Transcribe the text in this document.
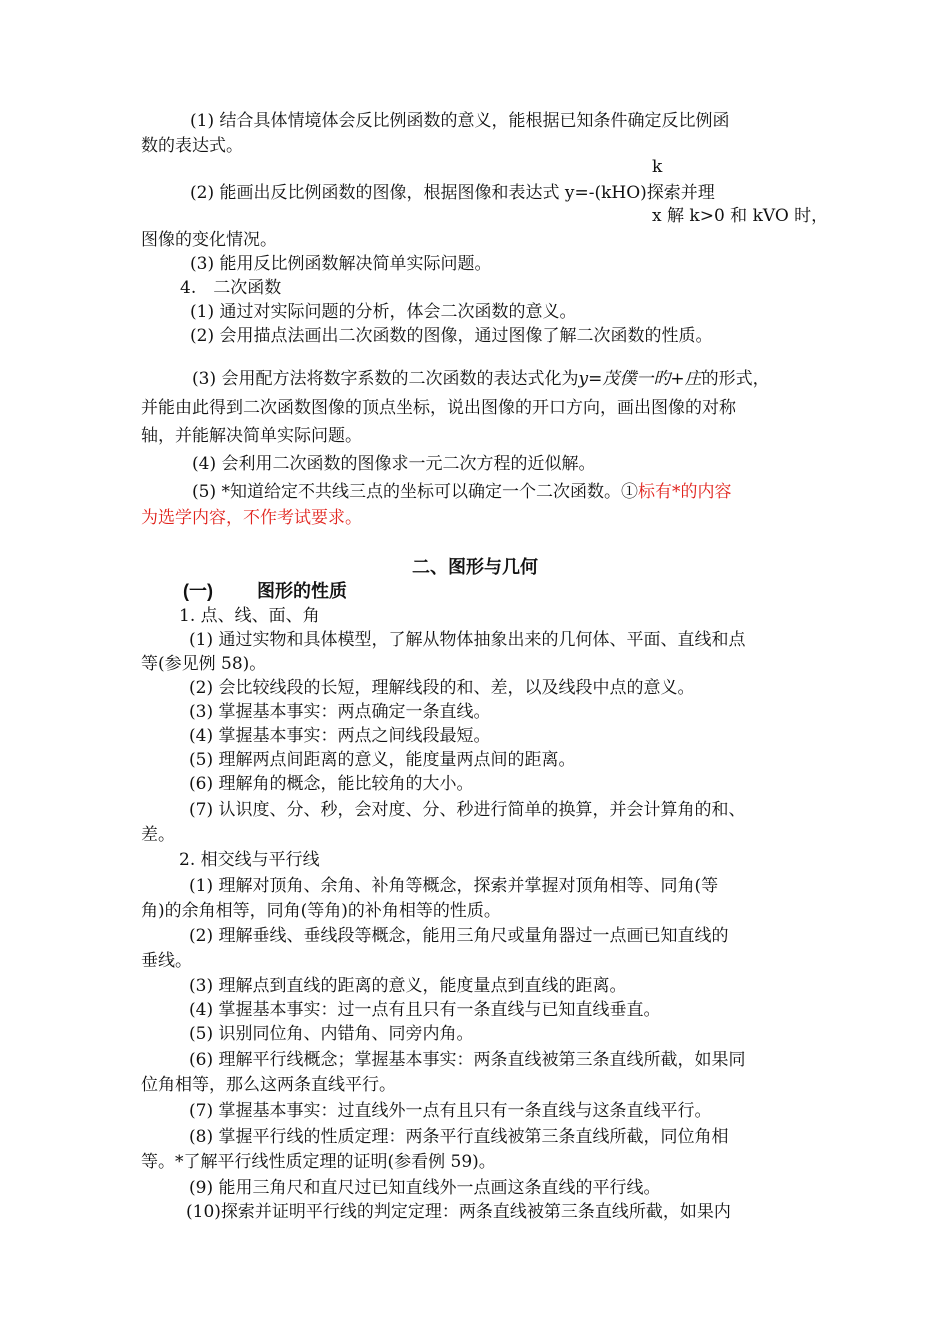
(1) 结合具体情境体会反比例函数的意义，能根据已知条件确定反比例函
数的表达式。
k
(2) 能画出反比例函数的图像，根据图像和表达式 y=-(kHO)探索并理
x 解 k>0 和 kVO 时，
图像的变化情况。
(3) 能用反比例函数解决简单实际问题。
4.　二次函数
(1) 通过对实际问题的分析，体会二次函数的意义。
(2) 会用描点法画出二次函数的图像，通过图像了解二次函数的性质。
(3) 会用配方法将数字系数的二次函数的表达式化为y=茂僕一旳+庄的形式，
并能由此得到二次函数图像的顶点坐标，说出图像的开口方向，画出图像的对称
轴，并能解决简单实际问题。
(4) 会利用二次函数的图像求一元二次方程的近似解。
(5) *知道给定不共线三点的坐标可以确定一个二次函数。①标有*的内容
为选学内容，不作考试要求。
二、图形与几何
(一) 图形的性质
1. 点、线、面、角
(1) 通过实物和具体模型，了解从物体抽象出来的几何体、平面、直线和点
等(参见例 58)。
(2) 会比较线段的长短，理解线段的和、差，以及线段中点的意义。
(3) 掌握基本事实：两点确定一条直线。
(4) 掌握基本事实：两点之间线段最短。
(5) 理解两点间距离的意义，能度量两点间的距离。
(6) 理解角的概念，能比较角的大小。
(7) 认识度、分、秒，会对度、分、秒进行简单的换算，并会计算角的和、
差。
2. 相交线与平行线
(1) 理解对顶角、余角、补角等概念，探索并掌握对顶角相等、同角(等
角)的余角相等，同角(等角)的补角相等的性质。
(2) 理解垂线、垂线段等概念，能用三角尺或量角器过一点画已知直线的
垂线。
(3) 理解点到直线的距离的意义，能度量点到直线的距离。
(4) 掌握基本事实：过一点有且只有一条直线与已知直线垂直。
(5) 识别同位角、内错角、同旁内角。
(6) 理解平行线概念；掌握基本事实：两条直线被第三条直线所截，如果同
位角相等，那么这两条直线平行。
(7) 掌握基本事实：过直线外一点有且只有一条直线与这条直线平行。
(8) 掌握平行线的性质定理：两条平行直线被第三条直线所截，同位角相
等。*了解平行线性质定理的证明(参看例 59)。
(9) 能用三角尺和直尺过已知直线外一点画这条直线的平行线。
(10)探索并证明平行线的判定定理：两条直线被第三条直线所截，如果内
